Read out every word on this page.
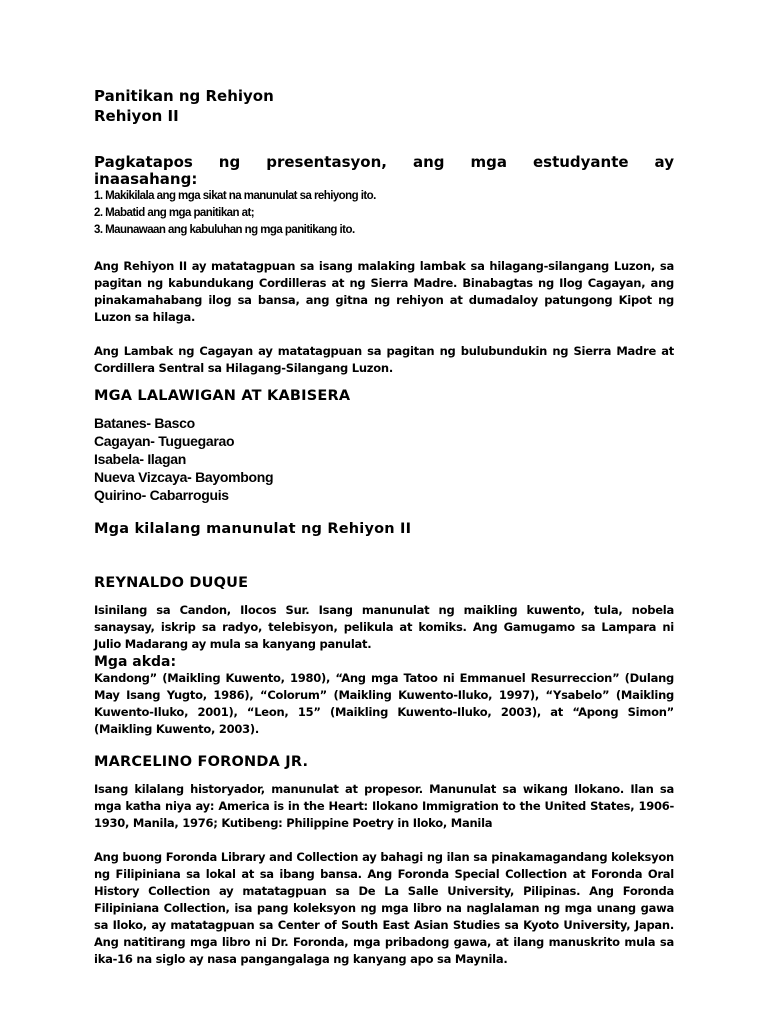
Panitikan ng Rehiyon

Rehiyon II

Pagkatapos ng presentasyon, ang mga estudyante ay

inaasahang:

1. Makikilala ang mga sikat na manunulat sa rehiyong ito.

2. Mabatid ang mga panitikan at;

3. Maunawaan ang kabuluhan ng mga panitikang ito.

Ang Rehiyon II ay matatagpuan sa isang malaking lambak sa hilagang-silangang Luzon, sa pagitan ng kabundukang Cordilleras at ng Sierra Madre. Binabagtas ng Ilog Cagayan, ang pinakamahabang ilog sa bansa, ang gitna ng rehiyon at dumadaloy patungong Kipot ng Luzon sa hilaga.

Ang Lambak ng Cagayan ay matatagpuan sa pagitan ng bulubundukin ng Sierra Madre at Cordillera Sentral sa Hilagang-Silangang Luzon.

MGA LALAWIGAN AT KABISERA

Batanes- Basco

Cagayan- Tuguegarao

Isabela- Ilagan

Nueva Vizcaya- Bayombong

Quirino- Cabarroguis

Mga kilalang manunulat ng Rehiyon II

REYNALDO DUQUE

Isinilang sa Candon, Ilocos Sur. Isang manunulat ng maikling kuwento, tula, nobela sanaysay, iskrip sa radyo, telebisyon, pelikula at komiks. Ang Gamugamo sa Lampara ni Julio Madarang ay mula sa kanyang panulat.

Mga akda:

Kandong” (Maikling Kuwento, 1980), “Ang mga Tatoo ni Emmanuel Resurreccion” (Dulang May Isang Yugto, 1986), “Colorum” (Maikling Kuwento-Iluko, 1997), “Ysabelo” (Maikling Kuwento-Iluko, 2001), “Leon, 15” (Maikling Kuwento-Iluko, 2003), at “Apong Simon” (Maikling Kuwento, 2003).

MARCELINO FORONDA JR.

Isang kilalang historyador, manunulat at propesor. Manunulat sa wikang Ilokano. Ilan sa mga katha niya ay: America is in the Heart: Ilokano Immigration to the United States, 1906-1930, Manila, 1976; Kutibeng: Philippine Poetry in Iloko, Manila

Ang buong Foronda Library and Collection ay bahagi ng ilan sa pinakamagandang koleksyon ng Filipiniana sa lokal at sa ibang bansa. Ang Foronda Special Collection at Foronda Oral History Collection ay matatagpuan sa De La Salle University, Pilipinas. Ang Foronda Filipiniana Collection, isa pang koleksyon ng mga libro na naglalaman ng mga unang gawa sa Iloko, ay matatagpuan sa Center of South East Asian Studies sa Kyoto University, Japan. Ang natitirang mga libro ni Dr. Foronda, mga pribadong gawa, at ilang manuskrito mula sa ika-16 na siglo ay nasa pangangalaga ng kanyang apo sa Maynila.
